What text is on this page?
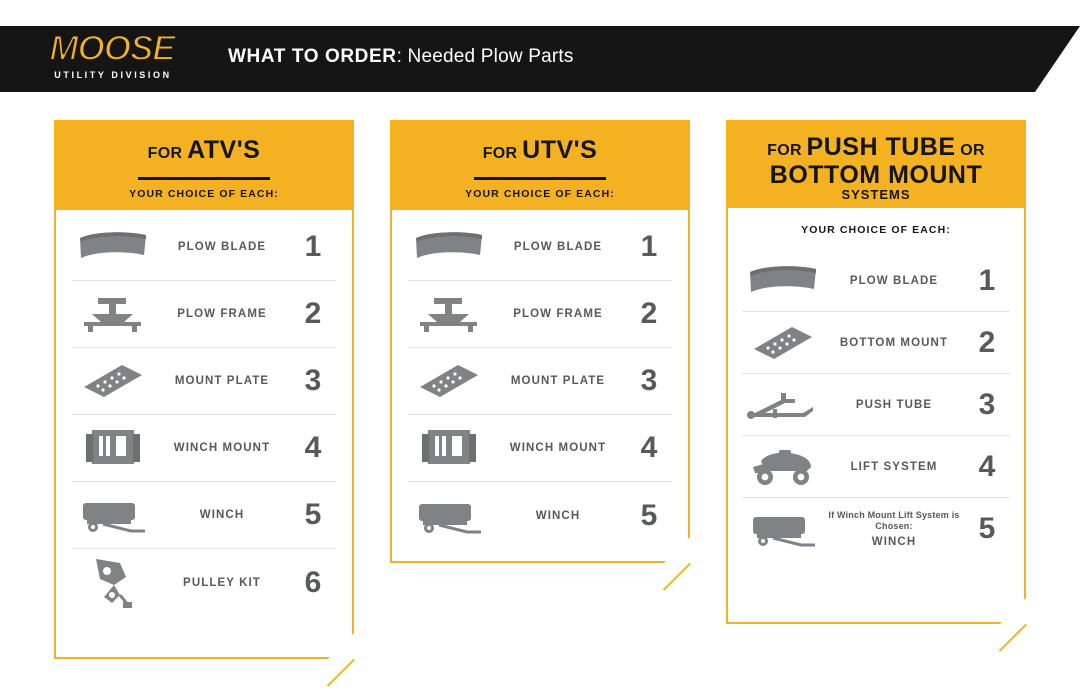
MOOSE
UTILITY DIVISION
WHAT TO ORDER: Needed Plow Parts
FOR ATV'S
YOUR CHOICE OF EACH:
PLOW BLADE	1
PLOW FRAME	2
MOUNT PLATE	3
WINCH MOUNT	4
WINCH	5
PULLEY KIT	6
FOR UTV'S
YOUR CHOICE OF EACH:
PLOW BLADE	1
PLOW FRAME	2
MOUNT PLATE	3
WINCH MOUNT	4
WINCH	5
FOR PUSH TUBE OR
BOTTOM MOUNT
SYSTEMS
YOUR CHOICE OF EACH:
PLOW BLADE	1
BOTTOM MOUNT	2
PUSH TUBE	3
LIFT SYSTEM	4
If Winch Mount Lift System is Chosen:
WINCH	5
